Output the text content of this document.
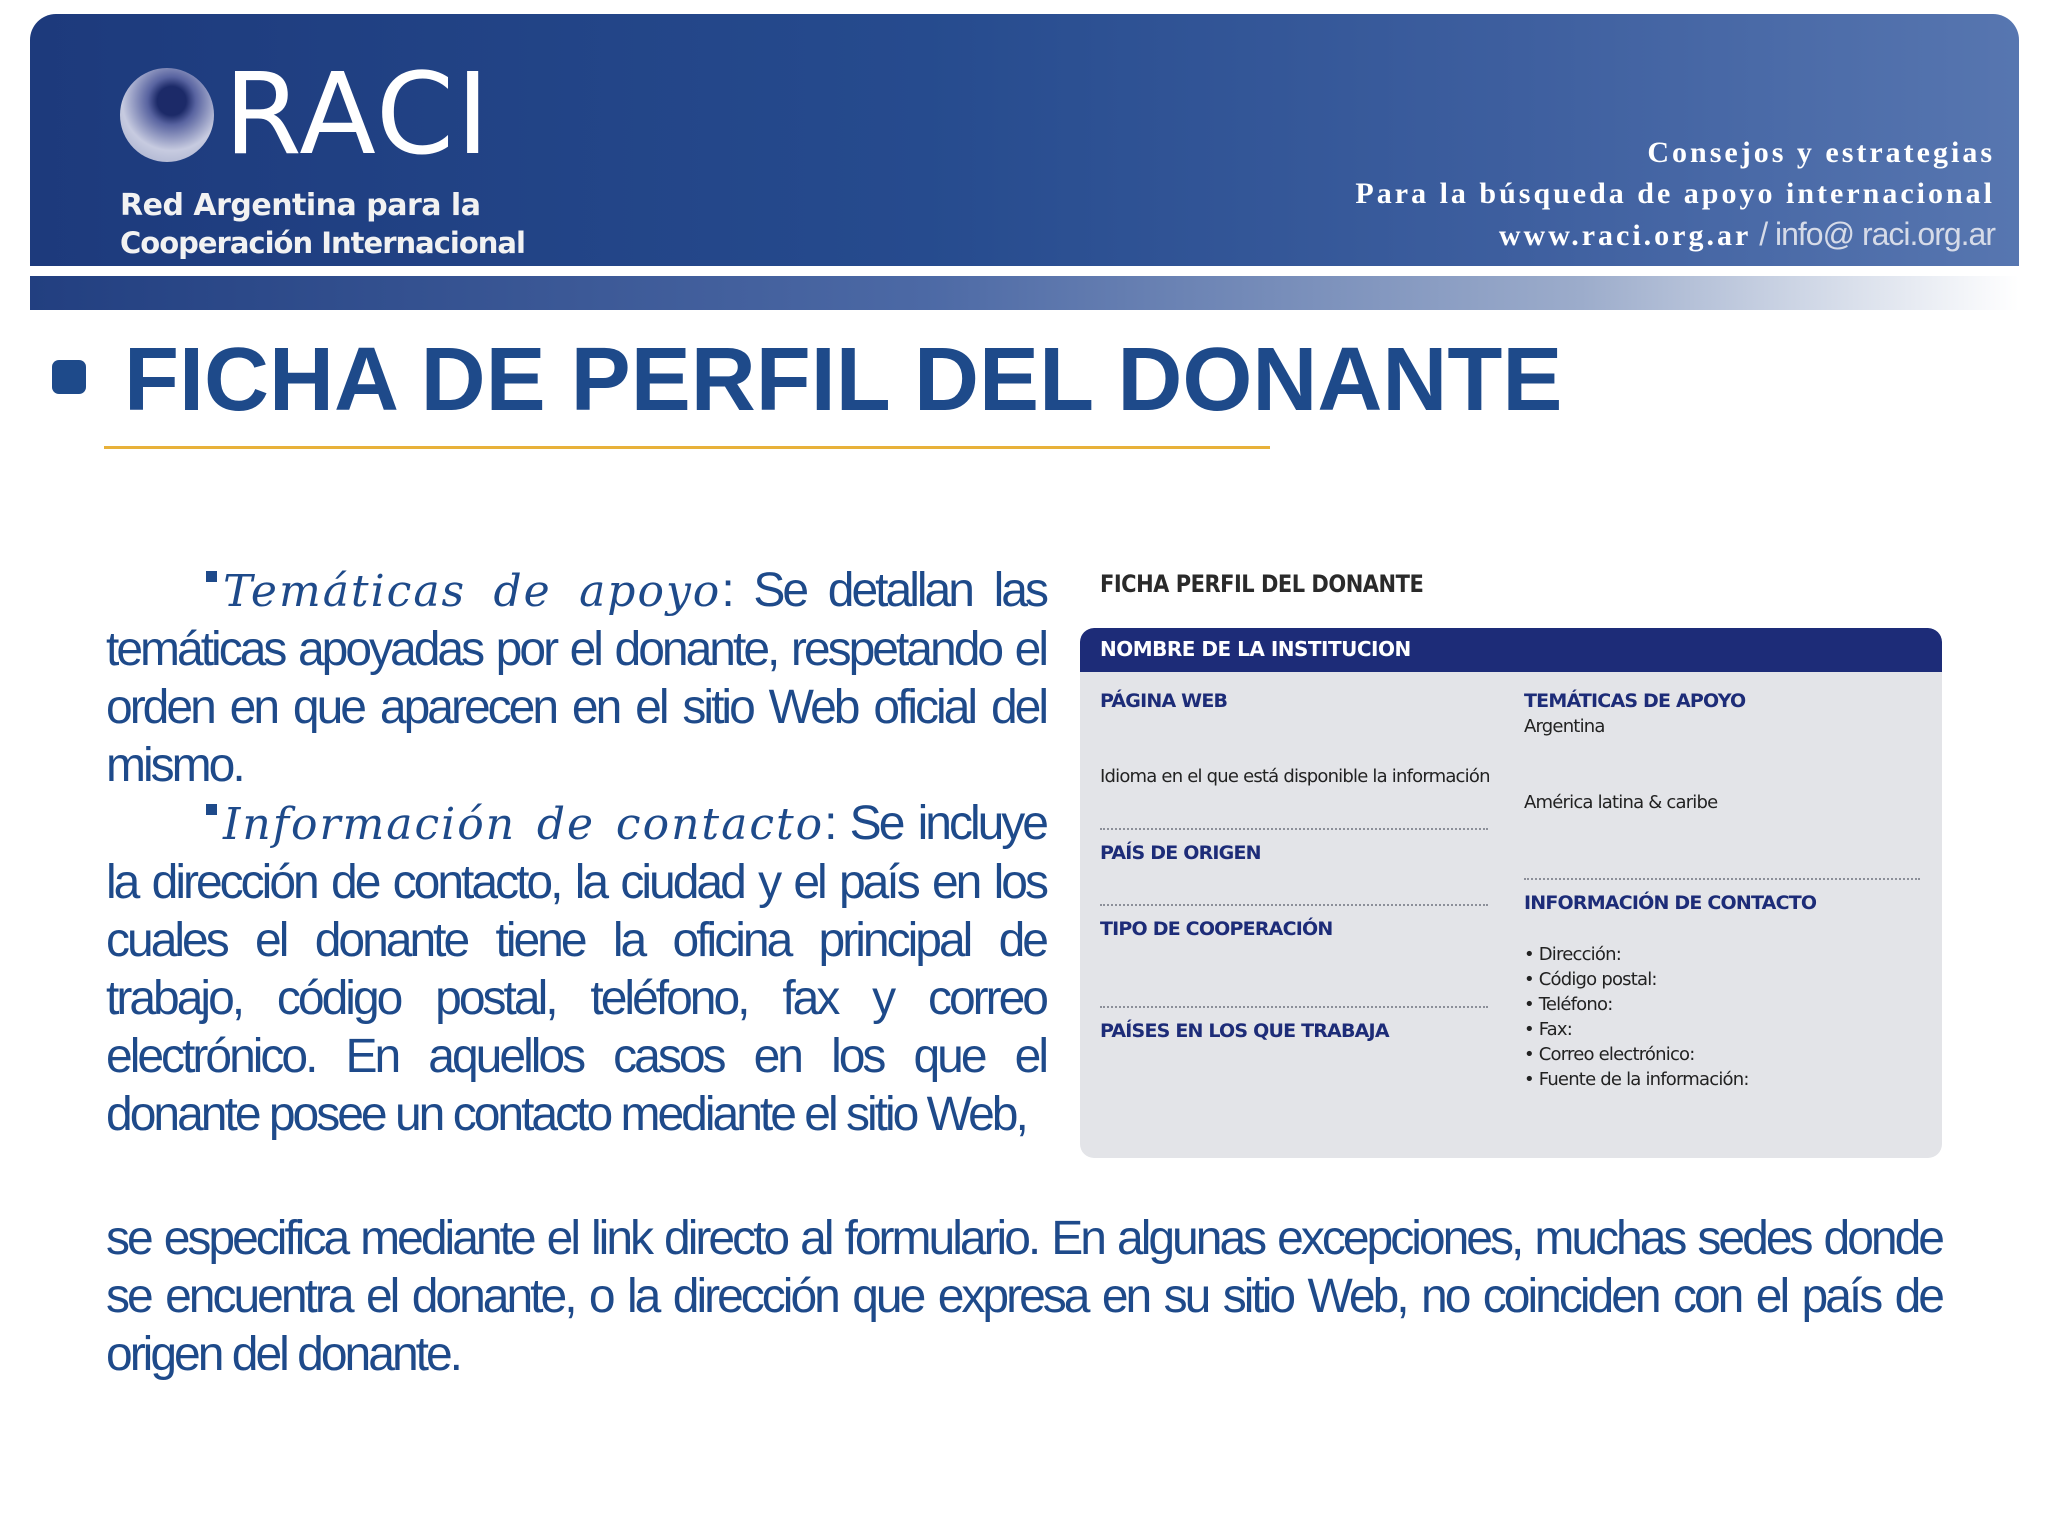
RACI
Red Argentina para la
Cooperación Internacional
Consejos y estrategias
Para la búsqueda de apoyo internacional
www.raci.org.ar / info@ raci.org.ar
FICHA DE PERFIL DEL DONANTE

Temáticas de apoyo: Se detallan las temáticas apoyadas por el donante, respetando el orden en que aparecen en el sitio Web oficial del mismo.

Información de contacto: Se incluye la dirección de contacto, la ciudad y el país en los cuales el donante tiene la oficina principal de trabajo, código postal, teléfono, fax y correo electrónico. En aquellos casos en los que el donante posee un contacto mediante el sitio Web,

se especifica mediante el link directo al formulario. En algunas excepciones, muchas sedes donde se encuentra el donante, o la dirección que expresa en su sitio Web, no coinciden con el país de origen del donante.

FICHA PERFIL DEL DONANTE
NOMBRE DE LA INSTITUCION
PÁGINA WEB
Idioma en el que está disponible la información
PAÍS DE ORIGEN
TIPO DE COOPERACIÓN
PAÍSES EN LOS QUE TRABAJA
TEMÁTICAS DE APOYO
Argentina
América latina & caribe
INFORMACIÓN DE CONTACTO
• Dirección:
• Código postal:
• Teléfono:
• Fax:
• Correo electrónico:
• Fuente de la información:
